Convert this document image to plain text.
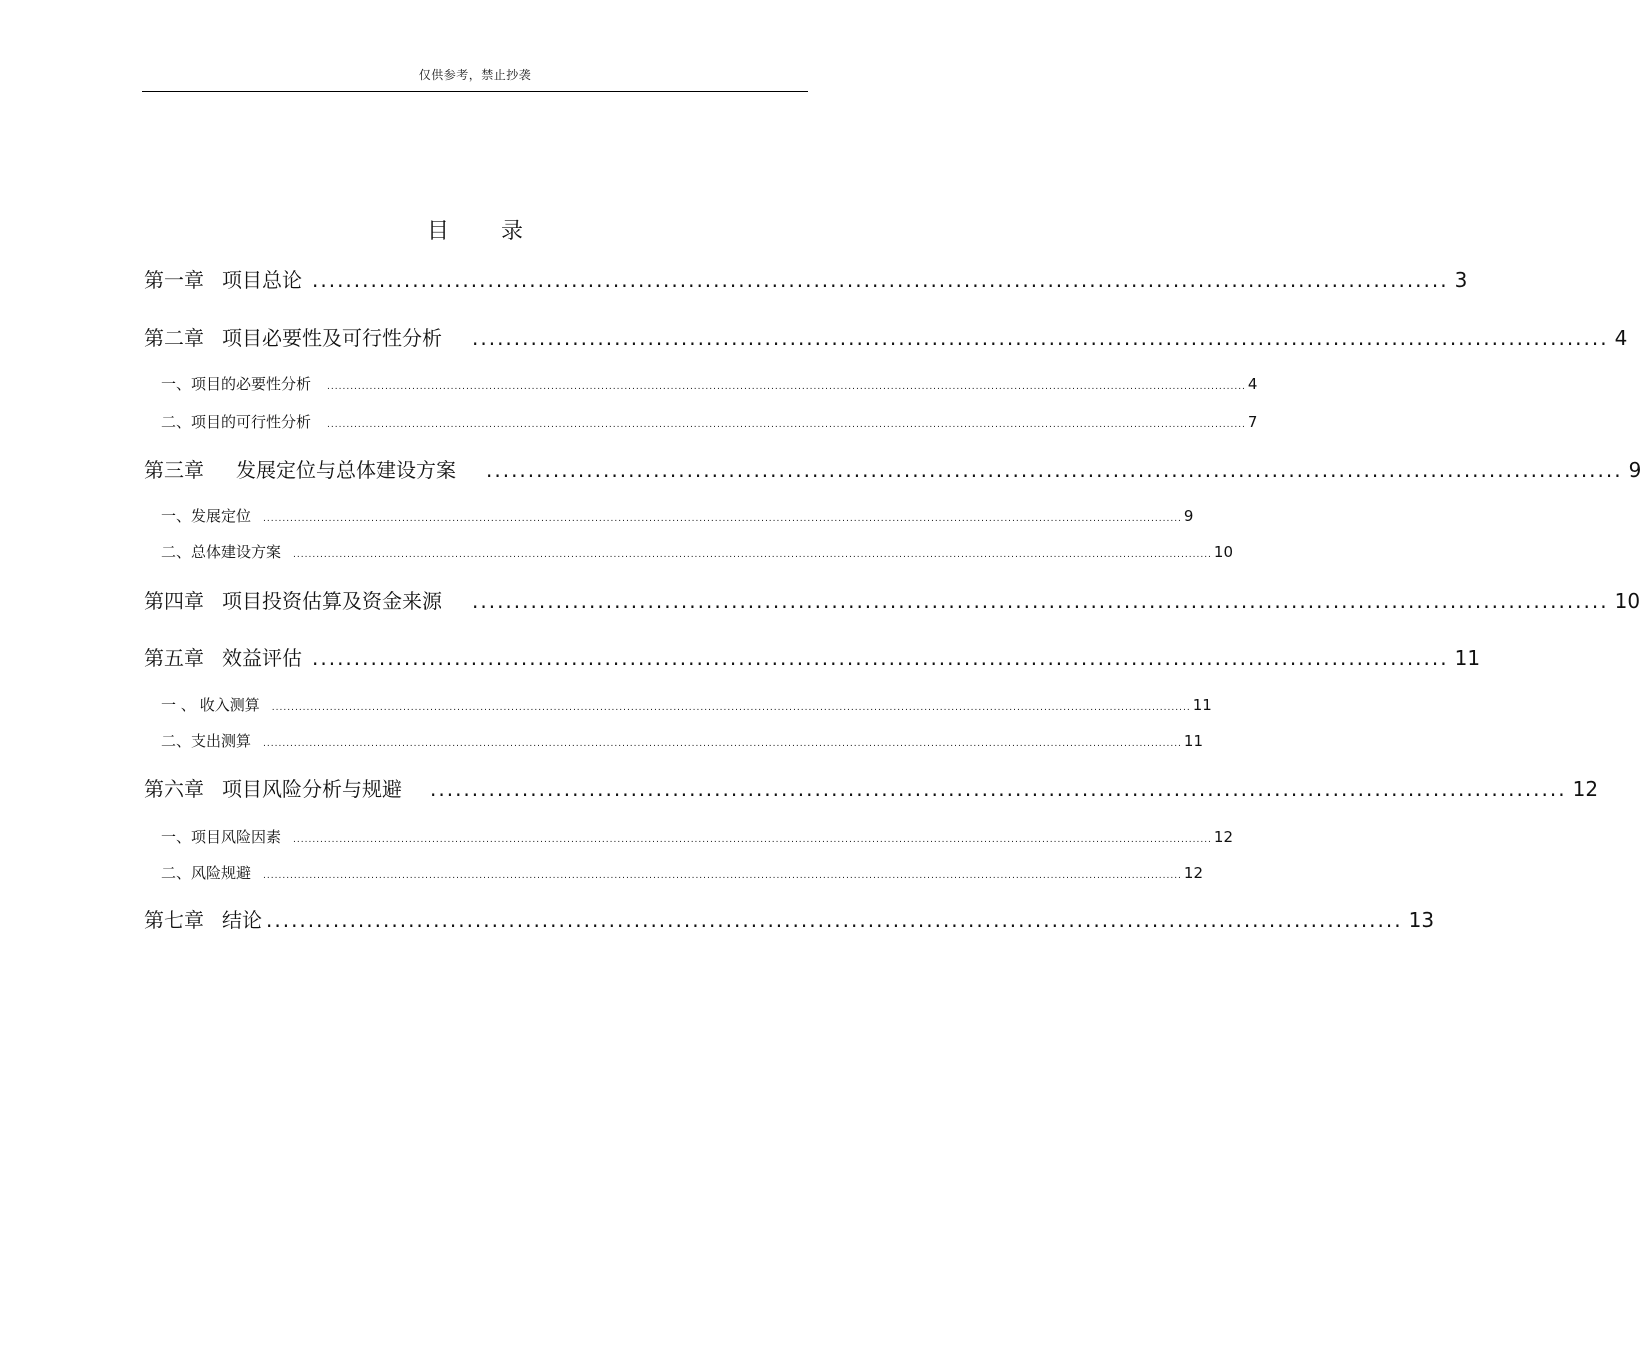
仅供参考，禁止抄袭
目 录
第一章 项目总论 ........................................................................................................................................ 3
第二章 项目必要性及可行性分析 ........................................................................................................................................ 4
一、 项目的必要性分析 .............................................................................................................................................................................................................................................. 4
二、 项目的可行性分析 .............................................................................................................................................................................................................................................. 7
第三章 发展定位与总体建设方案 ........................................................................................................................................ 9
一、 发展定位 .............................................................................................................................................................................................................................................. 9
二、 总体建设方案 .............................................................................................................................................................................................................................................. 10
第四章 项目投资估算及资金来源 ........................................................................................................................................ 10
第五章 效益评估 ........................................................................................................................................ 11
一 、 收入测算 .............................................................................................................................................................................................................................................. 11
二、 支出测算 .............................................................................................................................................................................................................................................. 11
第六章 项目风险分析与规避 ........................................................................................................................................ 12
一、 项目风险因素 .............................................................................................................................................................................................................................................. 12
二、 风险规避 .............................................................................................................................................................................................................................................. 12
第七章 结论 ........................................................................................................................................ 13
